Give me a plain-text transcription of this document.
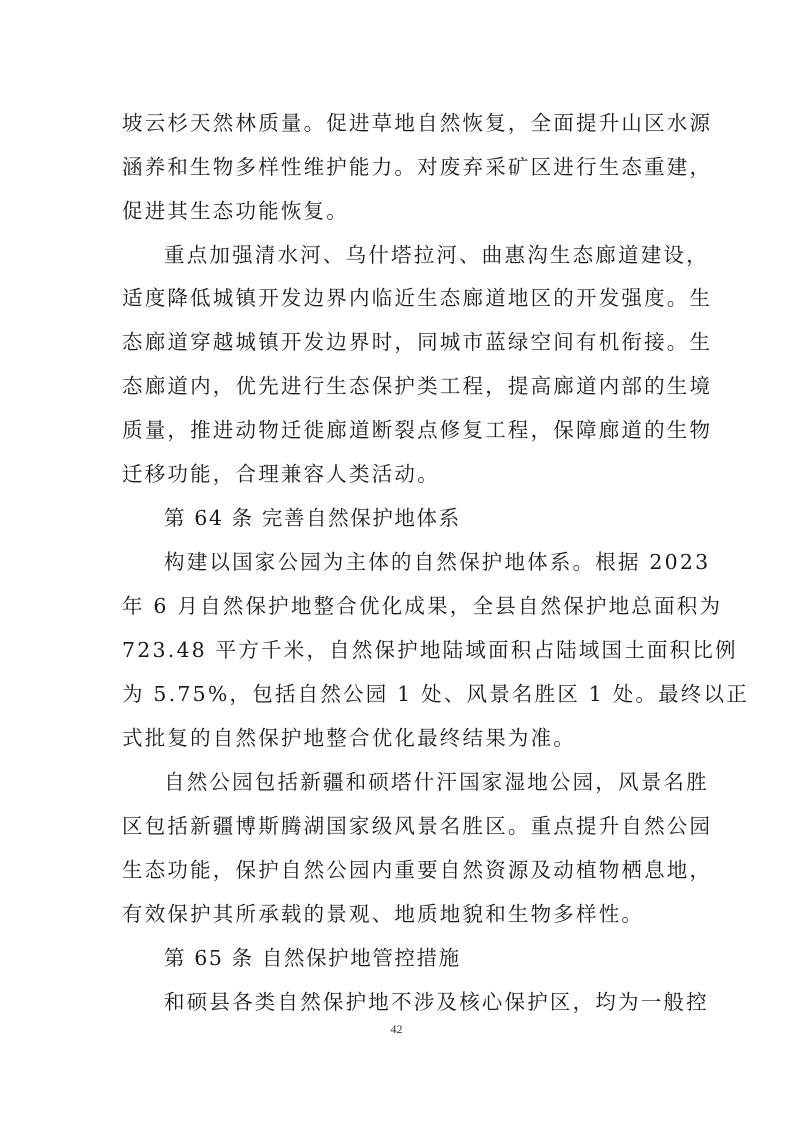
坡云杉天然林质量。促进草地自然恢复，全面提升山区水源
涵养和生物多样性维护能力。对废弃采矿区进行生态重建，
促进其生态功能恢复。
重点加强清水河、乌什塔拉河、曲惠沟生态廊道建设，
适度降低城镇开发边界内临近生态廊道地区的开发强度。生
态廊道穿越城镇开发边界时，同城市蓝绿空间有机衔接。生
态廊道内，优先进行生态保护类工程，提高廊道内部的生境
质量，推进动物迁徙廊道断裂点修复工程，保障廊道的生物
迁移功能，合理兼容人类活动。
第 64 条 完善自然保护地体系
构建以国家公园为主体的自然保护地体系。根据 2023
年 6 月自然保护地整合优化成果，全县自然保护地总面积为
723.48 平方千米，自然保护地陆域面积占陆域国土面积比例
为 5.75%，包括自然公园 1 处、风景名胜区 1 处。最终以正
式批复的自然保护地整合优化最终结果为准。
自然公园包括新疆和硕塔什汗国家湿地公园，风景名胜
区包括新疆博斯腾湖国家级风景名胜区。重点提升自然公园
生态功能，保护自然公园内重要自然资源及动植物栖息地，
有效保护其所承载的景观、地质地貌和生物多样性。
第 65 条 自然保护地管控措施
和硕县各类自然保护地不涉及核心保护区，均为一般控
42
